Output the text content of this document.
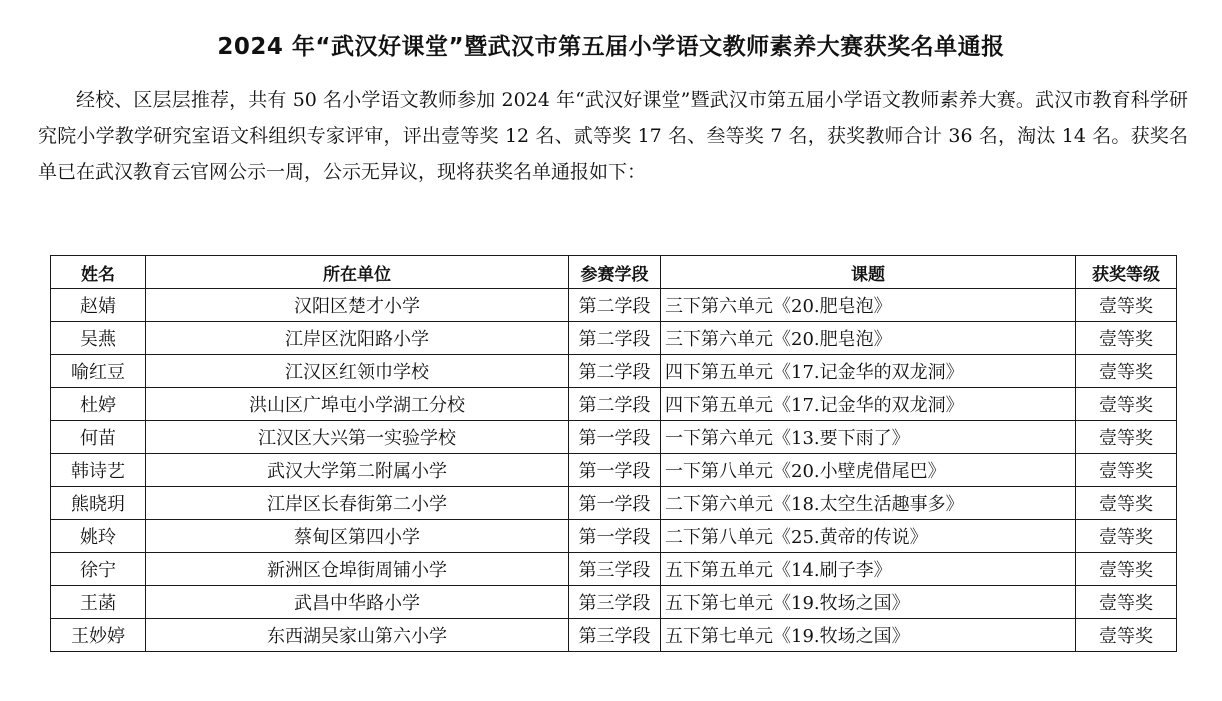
2024 年“武汉好课堂”暨武汉市第五届小学语文教师素养大赛获奖名单通报

经校、区层层推荐，共有 50 名小学语文教师参加 2024 年“武汉好课堂”暨武汉市第五届小学语文教师素养大赛。武汉市教育科学研究院小学教学研究室语文科组织专家评审，评出壹等奖 12 名、贰等奖 17 名、叁等奖 7 名，获奖教师合计 36 名，淘汰 14 名。获奖名单已在武汉教育云官网公示一周，公示无异议，现将获奖名单通报如下：

姓名	所在单位	参赛学段	课题	获奖等级
赵婧	汉阳区楚才小学	第二学段	三下第六单元《20.肥皂泡》	壹等奖
吴燕	江岸区沈阳路小学	第二学段	三下第六单元《20.肥皂泡》	壹等奖
喻红豆	江汉区红领巾学校	第二学段	四下第五单元《17.记金华的双龙洞》	壹等奖
杜婷	洪山区广埠屯小学湖工分校	第二学段	四下第五单元《17.记金华的双龙洞》	壹等奖
何苗	江汉区大兴第一实验学校	第一学段	一下第六单元《13.要下雨了》	壹等奖
韩诗艺	武汉大学第二附属小学	第一学段	一下第八单元《20.小壁虎借尾巴》	壹等奖
熊晓玥	江岸区长春街第二小学	第一学段	二下第六单元《18.太空生活趣事多》	壹等奖
姚玲	蔡甸区第四小学	第一学段	二下第八单元《25.黄帝的传说》	壹等奖
徐宁	新洲区仓埠街周铺小学	第三学段	五下第五单元《14.刷子李》	壹等奖
王菡	武昌中华路小学	第三学段	五下第七单元《19.牧场之国》	壹等奖
王妙婷	东西湖吴家山第六小学	第三学段	五下第七单元《19.牧场之国》	壹等奖
